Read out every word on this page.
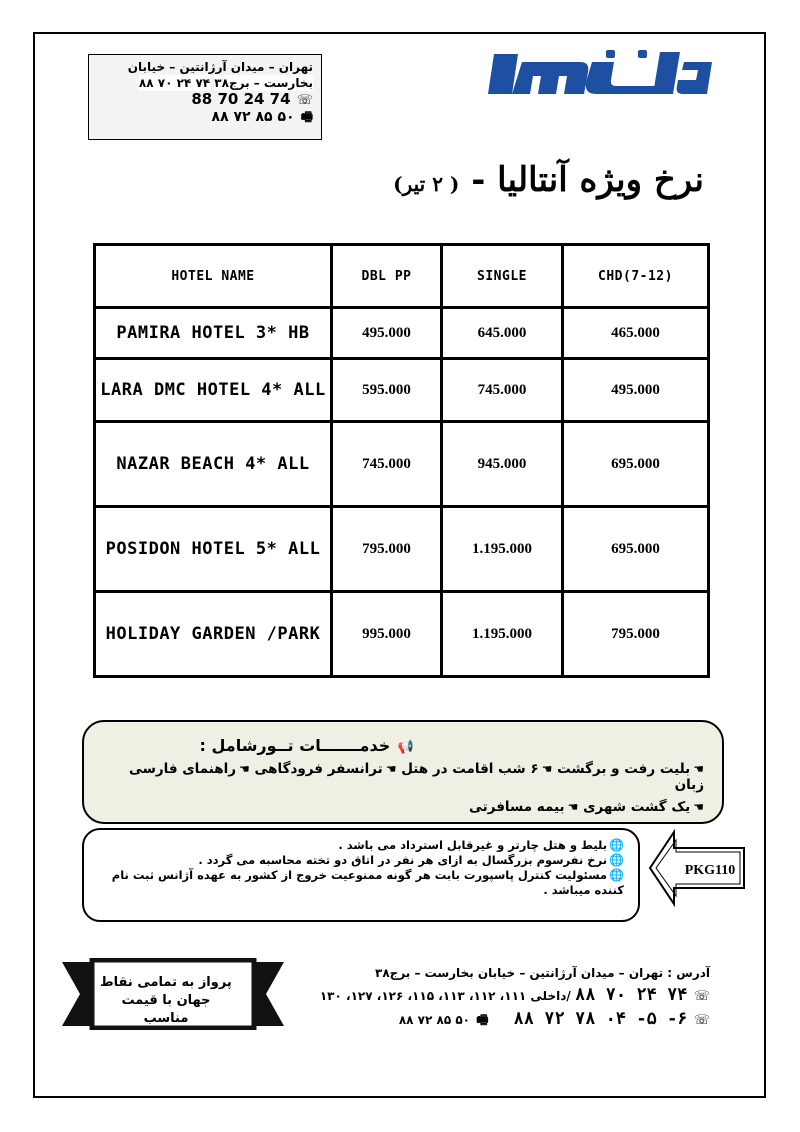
تهران – میدان آرژانتین – خیابان
بخارست – برج۳۸ ۷۴ ۲۴ ۷۰ ۸۸
☏ 88 70 24 74
🖷 ۸۸ ۷۲ ۸۵ ۵۰
نرخ ویژه آنتالیا - ( ۲ تیر)
HOTEL NAME	DBL PP	SINGLE	CHD(7-12)
PAMIRA HOTEL 3* HB	495.000	645.000	465.000
LARA DMC HOTEL 4* ALL	595.000	745.000	495.000
NAZAR BEACH 4* ALL	745.000	945.000	695.000
POSIDON HOTEL 5* ALL	795.000	1.195.000	695.000
HOLIDAY GARDEN /PARK	995.000	1.195.000	795.000
📢 خدمـــــــات تــورشامل :
☚بلیت رفت و برگشت ☚۶ شب اقامت در هتل ☚ترانسفر فرودگاهی ☚راهنمای فارسی زبان
☚یک گشت شهری ☚بیمه مسافرتی
🌐بلیط و هتل چارتر و غیرقابل استرداد می باشد .
🌐نرخ نفرسوم بزرگسال به ازای هر نفر در اتاق دو تخته محاسبه می گردد .
🌐مسئولیت کنترل پاسپورت بابت هر گونه ممنوعیت خروج از کشور به عهده آژانس ثبت نام کننده میباشد .
PKG110
آدرس : تهران – میدان آرژانتین – خیابان بخارست – برج۳۸
☏ ۸۸ ۷۰ ۲۴ ۷۴ /داخلی ۱۱۱، ۱۱۲، ۱۱۳، ۱۱۵، ۱۲۶، ۱۲۷، ۱۳۰
☏ ۸۸ ۷۲ ۷۸ ۰۴ -۵ -۶      🖷 ۸۸ ۷۲ ۸۵ ۵۰
پرواز به تمامی نقاط
جهان با قیمت مناسب
